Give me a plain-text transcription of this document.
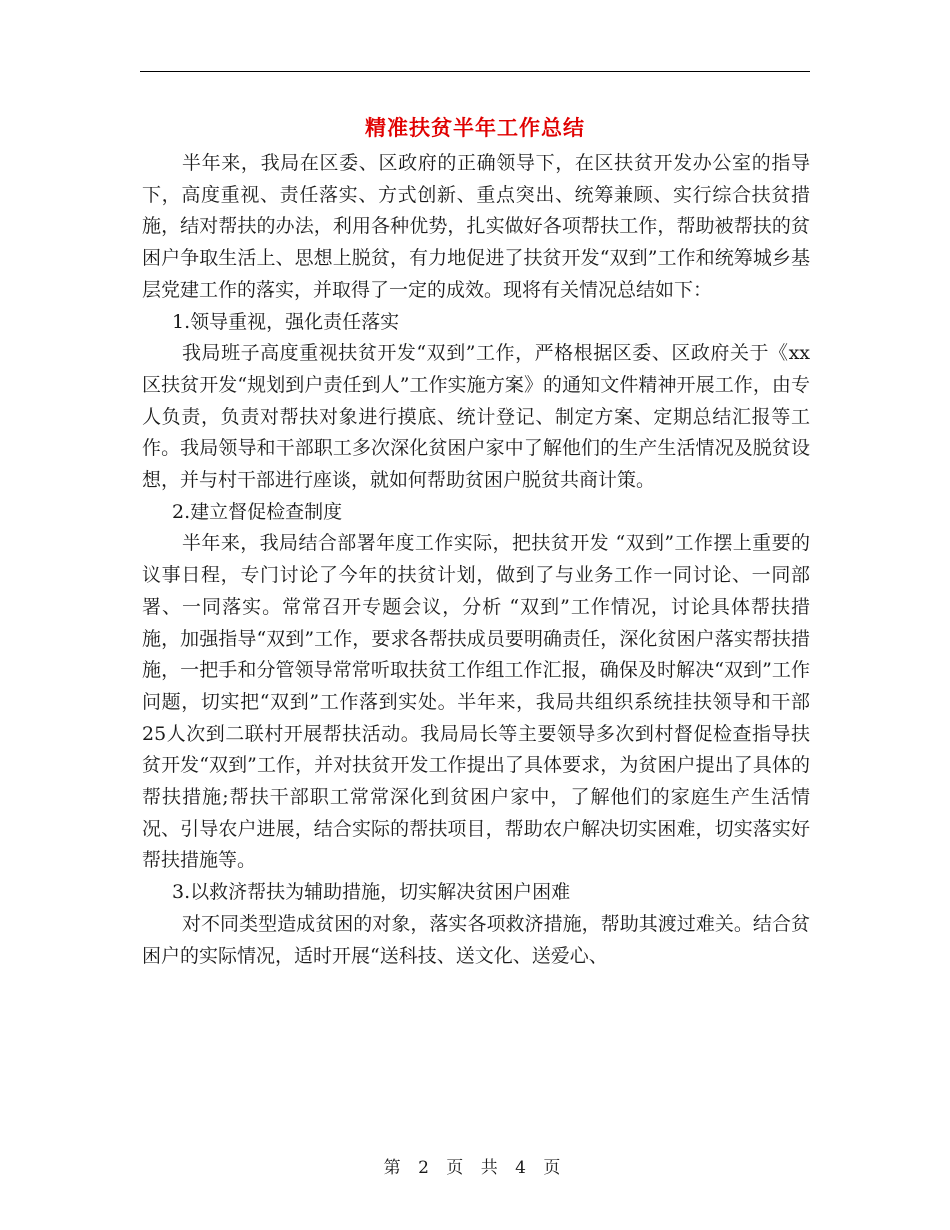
精准扶贫半年工作总结

半年来，我局在区委、区政府的正确领导下，在区扶贫开发办公室的指导下，高度重视、责任落实、方式创新、重点突出、统筹兼顾、实行综合扶贫措施，结对帮扶的办法，利用各种优势，扎实做好各项帮扶工作，帮助被帮扶的贫困户争取生活上、思想上脱贫，有力地促进了扶贫开发“双到”工作和统筹城乡基层党建工作的落实，并取得了一定的成效。现将有关情况总结如下：

1.领导重视，强化责任落实

我局班子高度重视扶贫开发“双到”工作，严格根据区委、区政府关于《xx区扶贫开发“规划到户责任到人”工作实施方案》的通知文件精神开展工作，由专人负责，负责对帮扶对象进行摸底、统计登记、制定方案、定期总结汇报等工作。我局领导和干部职工多次深化贫困户家中了解他们的生产生活情况及脱贫设想，并与村干部进行座谈，就如何帮助贫困户脱贫共商计策。

2.建立督促检查制度

半年来，我局结合部署年度工作实际，把扶贫开发 “双到”工作摆上重要的议事日程，专门讨论了今年的扶贫计划，做到了与业务工作一同讨论、一同部署、一同落实。常常召开专题会议，分析 “双到”工作情况，讨论具体帮扶措施，加强指导“双到”工作，要求各帮扶成员要明确责任，深化贫困户落实帮扶措施，一把手和分管领导常常听取扶贫工作组工作汇报，确保及时解决“双到”工作问题，切实把“双到”工作落到实处。半年来，我局共组织系统挂扶领导和干部25人次到二联村开展帮扶活动。我局局长等主要领导多次到村督促检查指导扶贫开发“双到”工作，并对扶贫开发工作提出了具体要求，为贫困户提出了具体的帮扶措施;帮扶干部职工常常深化到贫困户家中，了解他们的家庭生产生活情况、引导农户进展，结合实际的帮扶项目，帮助农户解决切实困难，切实落实好帮扶措施等。

3.以救济帮扶为辅助措施，切实解决贫困户困难

对不同类型造成贫困的对象，落实各项救济措施，帮助其渡过难关。结合贫困户的实际情况，适时开展“送科技、送文化、送爱心、

第 2 页 共 4 页
